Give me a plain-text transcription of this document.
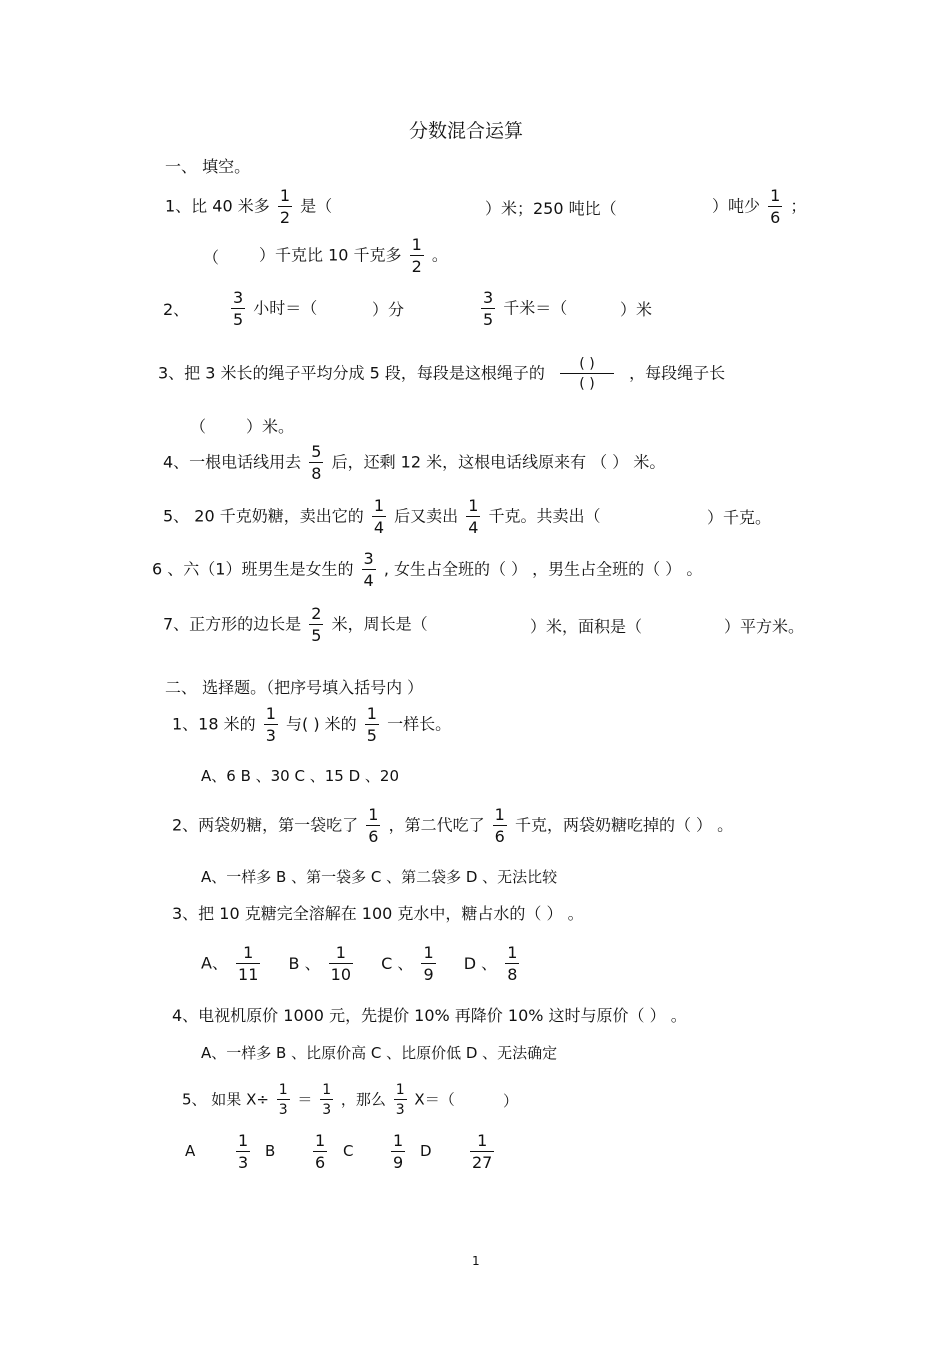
分数混合运算
一、 填空。
1、比 40 米多 $\frac{1}{2}$ 是（	）米；250 吨比（	）吨少 $\frac{1}{6}$ ；
（ ）千克比 10 千克多 $\frac{1}{2}$ 。
2、	$\frac{3}{5}$ 小时＝（	）分	$\frac{3}{5}$ 千米＝（	）米
3、把 3 米长的绳子平均分成 5 段，每段是这根绳子的 $\frac{( )}{( )}$ ，每段绳子长
（ ）米。
4、一根电话线用去 $\frac{5}{8}$ 后，还剩 12 米，这根电话线原来有 （ ） 米。
5、 20 千克奶糖，卖出它的 $\frac{1}{4}$ 后又卖出 $\frac{1}{4}$ 千克。共卖出（	）千克。
6 、六（1）班男生是女生的 $\frac{3}{4}$ , 女生占全班的（ ） ，男生占全班的（ ） 。
7、正方形的边长是 $\frac{2}{5}$ 米，周长是（	）米，面积是（	）平方米。
二、 选择题。（把序号填入括号内 ）
1、18 米的 $\frac{1}{3}$ 与( ) 米的 $\frac{1}{5}$ 一样长。
A、6 B 、30 C 、15 D 、20
2、两袋奶糖，第一袋吃了 $\frac{1}{6}$ ，第二代吃了 $\frac{1}{6}$ 千克，两袋奶糖吃掉的（ ） 。
A、一样多 B 、第一袋多 C 、第二袋多 D 、无法比较
3、把 10 克糖完全溶解在 100 克水中，糖占水的（ ） 。
A、 $\frac{1}{11}$ B 、 $\frac{1}{10}$ C 、 $\frac{1}{9}$ D 、 $\frac{1}{8}$
4、电视机原价 1000 元，先提价 10% 再降价 10% 这时与原价（ ） 。
A、一样多 B 、比原价高 C 、比原价低 D 、无法确定
5、 如果 $X\div \frac{1}{3} = \frac{1}{3}$ ，那么 $\frac{1}{3} X=$（	）
A	$\frac{1}{3}$ B $\frac{1}{6}$ C $\frac{1}{9}$ D $\frac{1}{27}$
1
